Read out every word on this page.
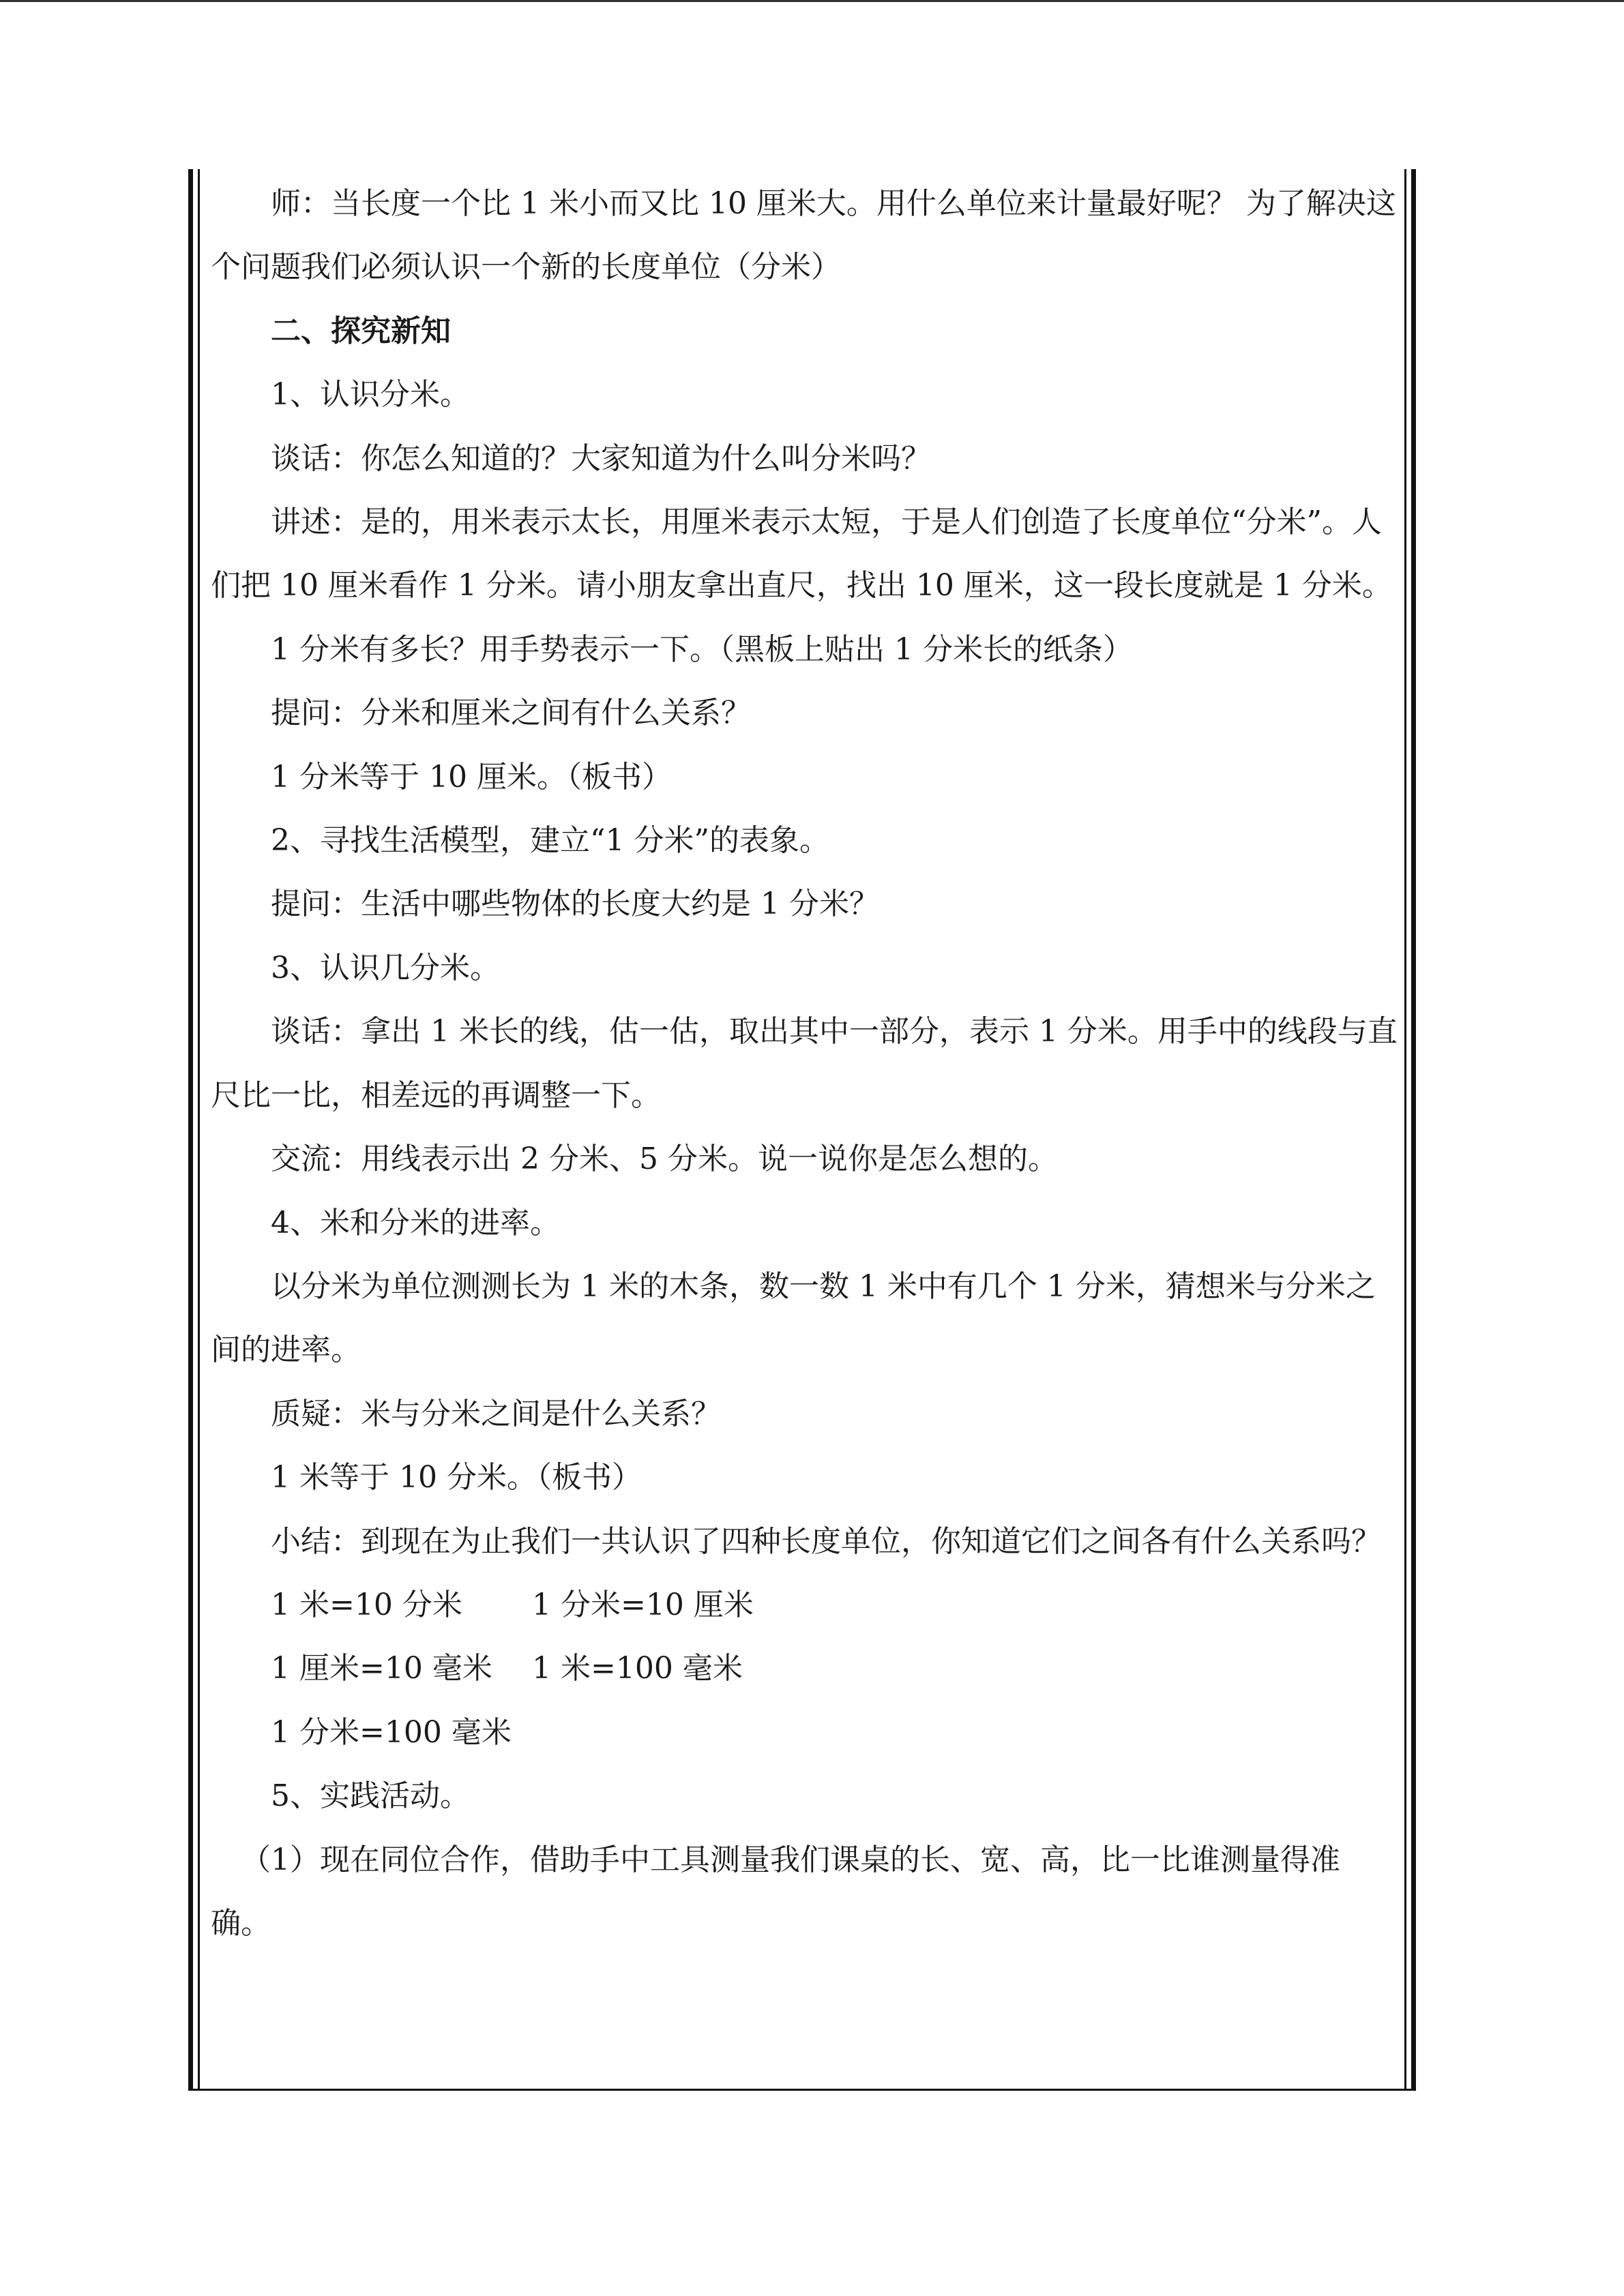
师：当长度一个比 1 米小而又比 10 厘米大。用什么单位来计量最好呢？ 为了解决这个问题我们必须认识一个新的长度单位（分米）

二、探究新知

1、认识分米。

谈话：你怎么知道的？大家知道为什么叫分米吗？

讲述：是的，用米表示太长，用厘米表示太短，于是人们创造了长度单位“分米”。人们把 10 厘米看作 1 分米。请小朋友拿出直尺，找出 10 厘米，这一段长度就是 1 分米。

1 分米有多长？用手势表示一下。（黑板上贴出 1 分米长的纸条）

提问：分米和厘米之间有什么关系？

1 分米等于 10 厘米。（板书）

2、寻找生活模型，建立“1 分米”的表象。

提问：生活中哪些物体的长度大约是 1 分米？

3、认识几分米。

谈话：拿出 1 米长的线，估一估，取出其中一部分，表示 1 分米。用手中的线段与直尺比一比，相差远的再调整一下。

交流：用线表示出 2 分米、5 分米。说一说你是怎么想的。

4、米和分米的进率。

以分米为单位测测长为 1 米的木条，数一数 1 米中有几个 1 分米，猜想米与分米之间的进率。

质疑：米与分米之间是什么关系？

1 米等于 10 分米。（板书）

小结：到现在为止我们一共认识了四种长度单位，你知道它们之间各有什么关系吗？

1 米=10 分米	1 分米=10 厘米
1 厘米=10 毫米	1 米=100 毫米
1 分米=100 毫米

5、实践活动。

（1）现在同位合作，借助手中工具测量我们课桌的长、宽、高，比一比谁测量得准确。
